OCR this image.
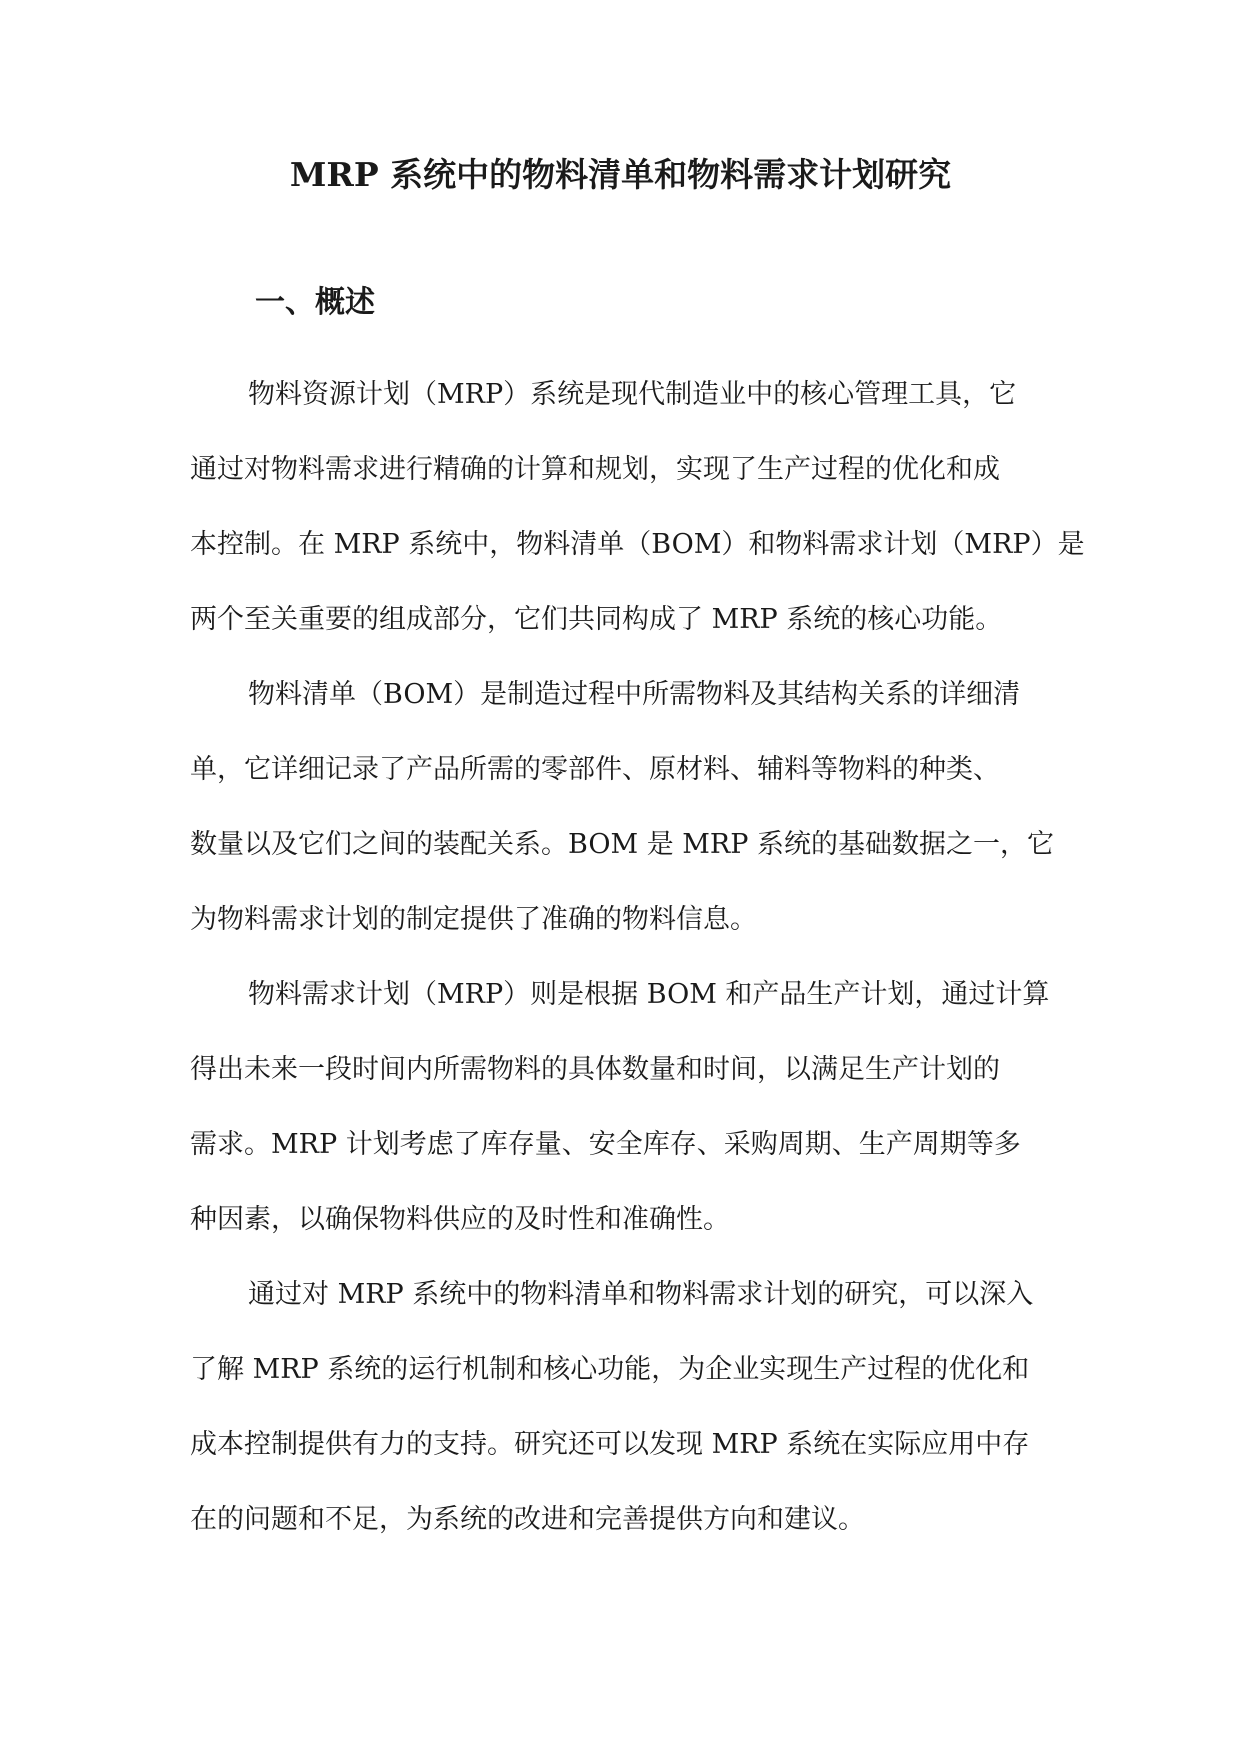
MRP 系统中的物料清单和物料需求计划研究
一、概述
物料资源计划（MRP）系统是现代制造业中的核心管理工具，它
通过对物料需求进行精确的计算和规划，实现了生产过程的优化和成
本控制。在 MRP 系统中，物料清单（BOM）和物料需求计划（MRP）是
两个至关重要的组成部分，它们共同构成了 MRP 系统的核心功能。
物料清单（BOM）是制造过程中所需物料及其结构关系的详细清
单，它详细记录了产品所需的零部件、原材料、辅料等物料的种类、
数量以及它们之间的装配关系。BOM 是 MRP 系统的基础数据之一，它
为物料需求计划的制定提供了准确的物料信息。
物料需求计划（MRP）则是根据 BOM 和产品生产计划，通过计算
得出未来一段时间内所需物料的具体数量和时间，以满足生产计划的
需求。MRP 计划考虑了库存量、安全库存、采购周期、生产周期等多
种因素，以确保物料供应的及时性和准确性。
通过对 MRP 系统中的物料清单和物料需求计划的研究，可以深入
了解 MRP 系统的运行机制和核心功能，为企业实现生产过程的优化和
成本控制提供有力的支持。研究还可以发现 MRP 系统在实际应用中存
在的问题和不足，为系统的改进和完善提供方向和建议。
